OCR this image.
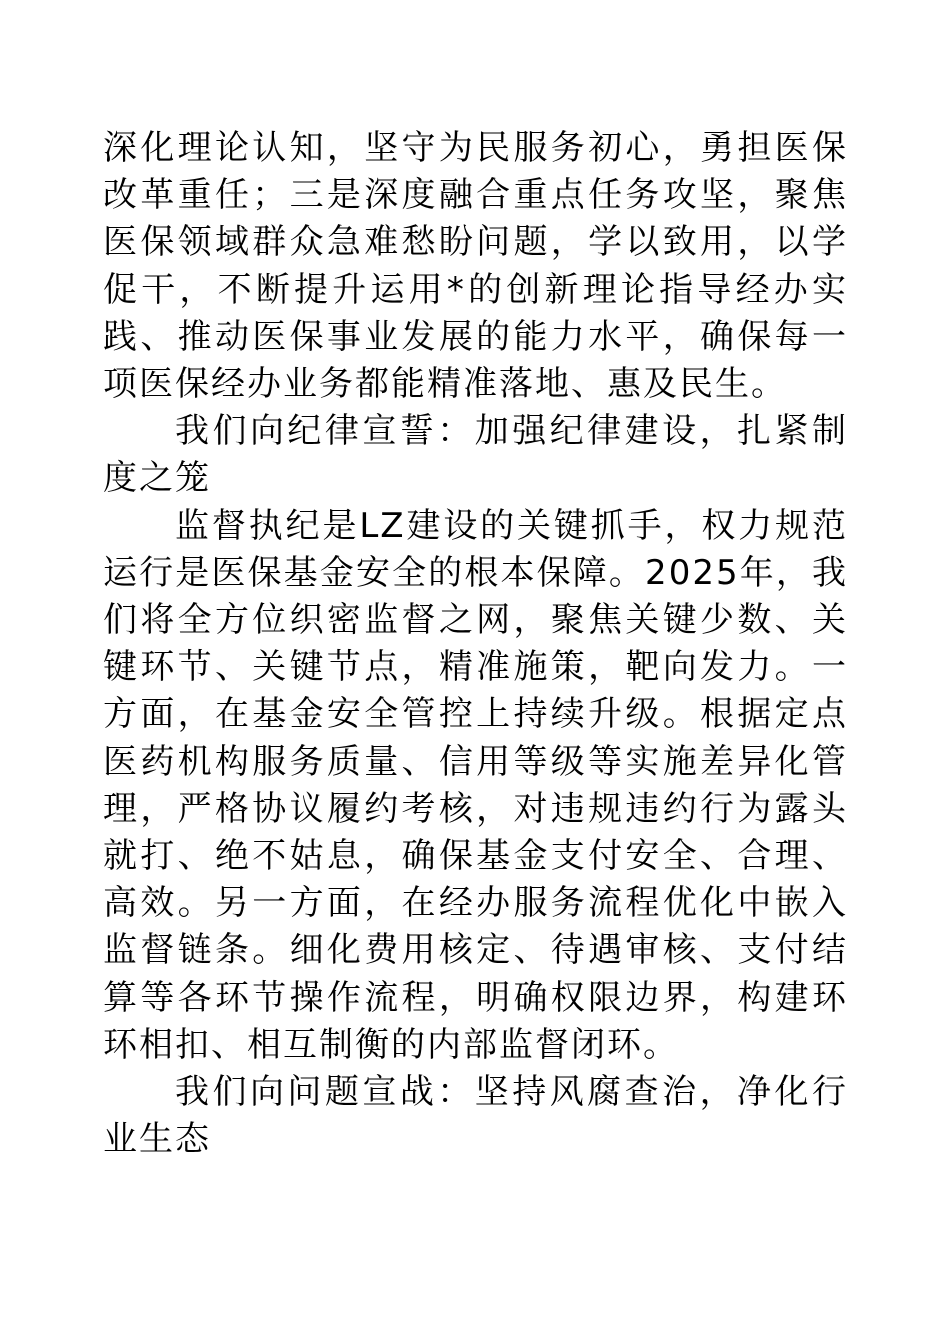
深化理论认知，坚守为民服务初心，勇担医保改革重任；三是深度融合重点任务攻坚，聚焦医保领域群众急难愁盼问题，学以致用，以学促干，不断提升运用*的创新理论指导经办实践、推动医保事业发展的能力水平，确保每一项医保经办业务都能精准落地、惠及民生。

我们向纪律宣誓：加强纪律建设，扎紧制度之笼

监督执纪是LZ建设的关键抓手，权力规范运行是医保基金安全的根本保障。2025年，我们将全方位织密监督之网，聚焦关键少数、关键环节、关键节点，精准施策，靶向发力。一方面，在基金安全管控上持续升级。根据定点医药机构服务质量、信用等级等实施差异化管理，严格协议履约考核，对违规违约行为露头就打、绝不姑息，确保基金支付安全、合理、高效。另一方面，在经办服务流程优化中嵌入监督链条。细化费用核定、待遇审核、支付结算等各环节操作流程，明确权限边界，构建环环相扣、相互制衡的内部监督闭环。

我们向问题宣战：坚持风腐查治，净化行业生态
